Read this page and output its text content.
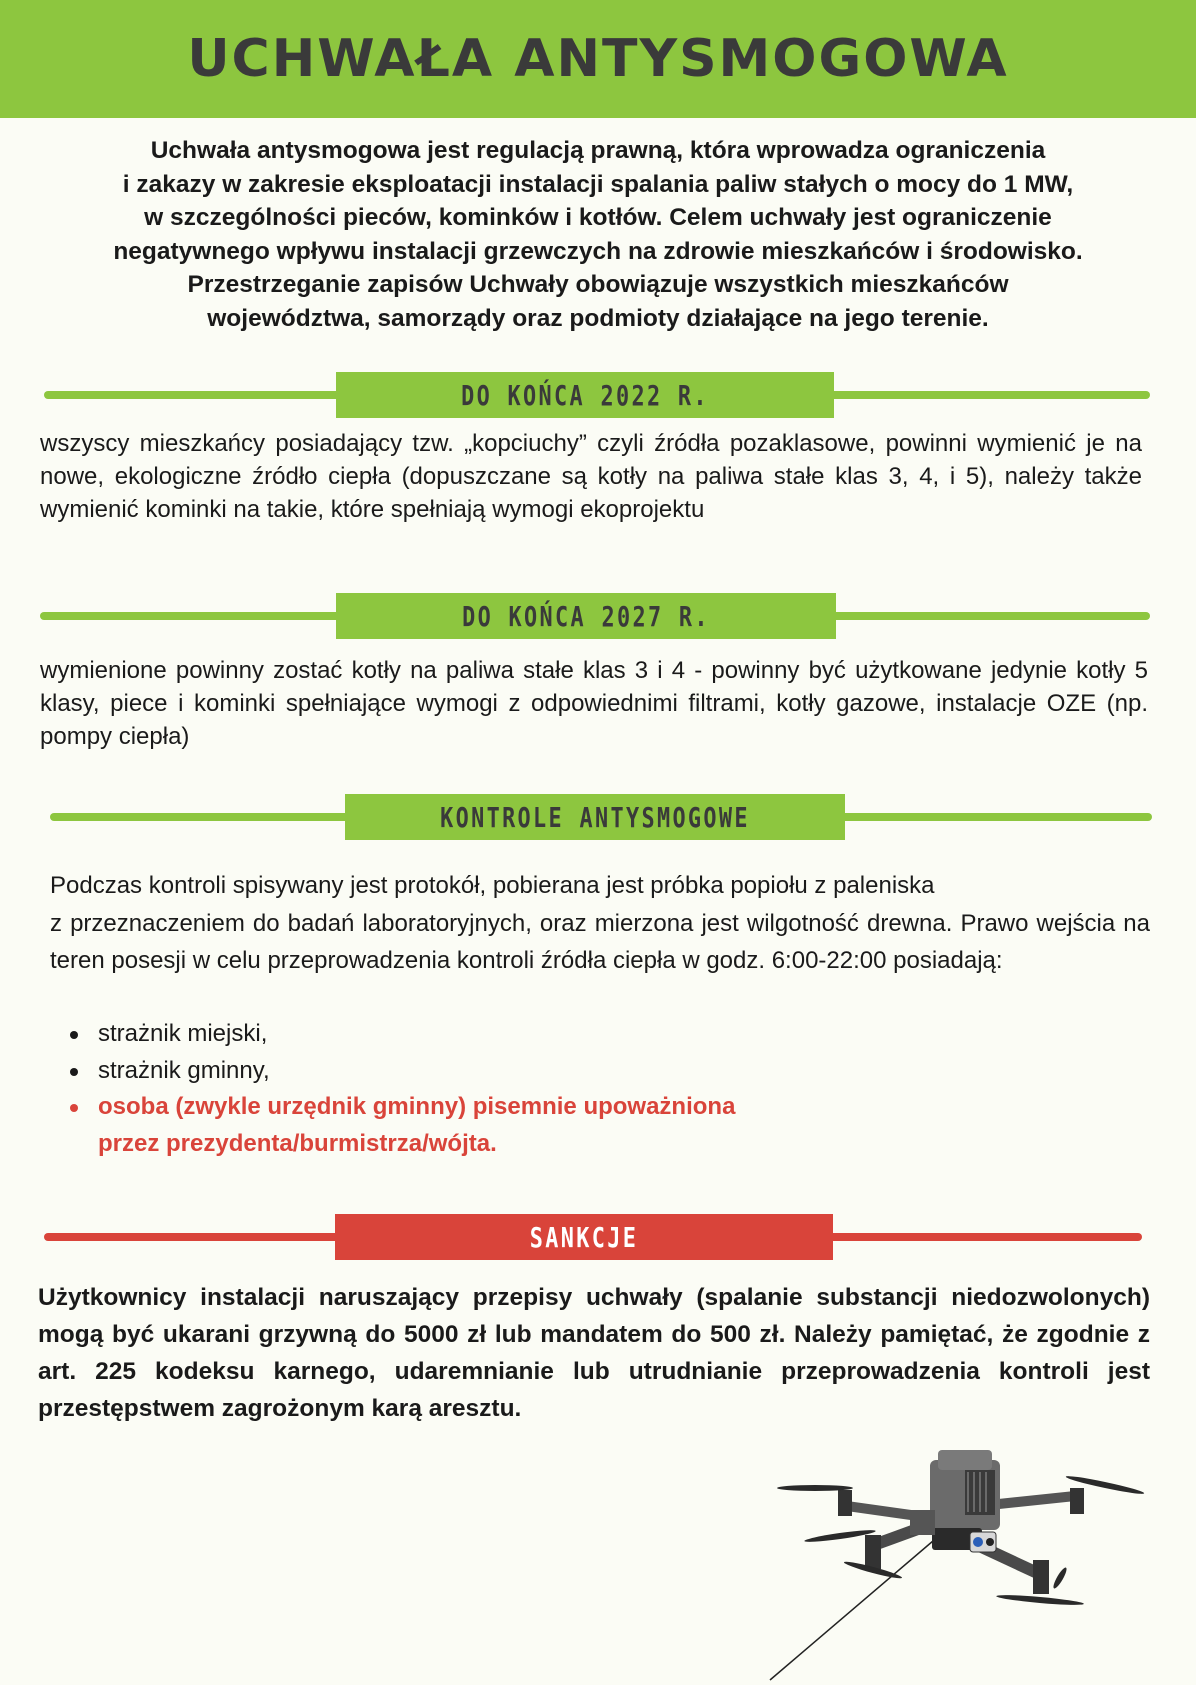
UCHWAŁA ANTYSMOGOWA

Uchwała antysmogowa jest regulacją prawną, która wprowadza ograniczenia
i zakazy w zakresie eksploatacji instalacji spalania paliw stałych o mocy do 1 MW,
w szczególności pieców, kominków i kotłów. Celem uchwały jest ograniczenie
negatywnego wpływu instalacji grzewczych na zdrowie mieszkańców i środowisko.
Przestrzeganie zapisów Uchwały obowiązuje wszystkich mieszkańców
województwa, samorządy oraz podmioty działające na jego terenie.

DO KOŃCA 2022 R.

wszyscy mieszkańcy posiadający tzw. „kopciuchy” czyli źródła pozaklasowe, powinni wymienić je na nowe, ekologiczne źródło ciepła (dopuszczane są kotły na paliwa stałe klas 3, 4, i 5), należy także wymienić kominki na takie, które spełniają wymogi ekoprojektu

DO KOŃCA 2027 R.

wymienione powinny zostać kotły na paliwa stałe klas 3 i 4 - powinny być użytkowane jedynie kotły 5 klasy, piece i kominki spełniające wymogi z odpowiednimi filtrami, kotły gazowe, instalacje OZE (np. pompy ciepła)

KONTROLE ANTYSMOGOWE

Podczas kontroli spisywany jest protokół, pobierana jest próbka popiołu z paleniska

z przeznaczeniem do badań laboratoryjnych, oraz mierzona jest wilgotność drewna. Prawo wejścia na teren posesji w celu przeprowadzenia kontroli źródła ciepła w godz. 6:00-22:00 posiadają:

strażnik miejski,
strażnik gminny,
osoba (zwykle urzędnik gminny) pisemnie upoważniona
przez prezydenta/burmistrza/wójta.
SANKCJE

Użytkownicy instalacji naruszający przepisy uchwały (spalanie substancji niedozwolonych) mogą być ukarani grzywną do 5000 zł lub mandatem do 500 zł. Należy pamiętać, że zgodnie z art. 225 kodeksu karnego, udaremnianie lub utrudnianie przeprowadzenia kontroli jest przestępstwem zagrożonym karą aresztu.
